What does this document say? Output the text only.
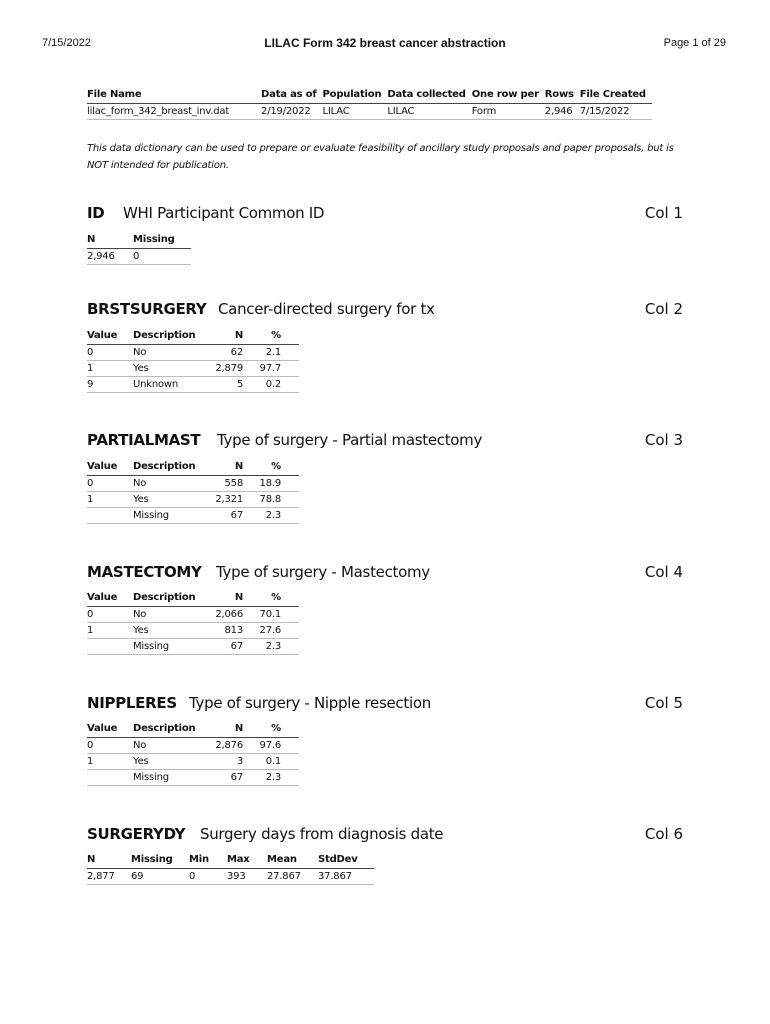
7/15/2022	LILAC Form 342 breast cancer abstraction	Page 1 of 29
File Name	Data as of	Population	Data collected	One row per	Rows	File Created
lilac_form_342_breast_inv.dat	2/19/2022	LILAC	LILAC	Form	2,946	7/15/2022
This data dictionary can be used to prepare or evaluate feasibility of ancillary study proposals and paper proposals, but is NOT intended for publication.
ID WHI Participant Common ID	Col 1
N	Missing
2,946	0
BRSTSURGERY Cancer-directed surgery for tx	Col 2
Value	Description	N	%
0	No	62	2.1
1	Yes	2,879	97.7
9	Unknown	5	0.2
PARTIALMAST Type of surgery - Partial mastectomy	Col 3
Value	Description	N	%
0	No	558	18.9
1	Yes	2,321	78.8
	Missing	67	2.3
MASTECTOMY Type of surgery - Mastectomy	Col 4
Value	Description	N	%
0	No	2,066	70.1
1	Yes	813	27.6
	Missing	67	2.3
NIPPLERES Type of surgery - Nipple resection	Col 5
Value	Description	N	%
0	No	2,876	97.6
1	Yes	3	0.1
	Missing	67	2.3
SURGERYDY Surgery days from diagnosis date	Col 6
N	Missing	Min	Max	Mean	StdDev
2,877	69	0	393	27.867	37.867
